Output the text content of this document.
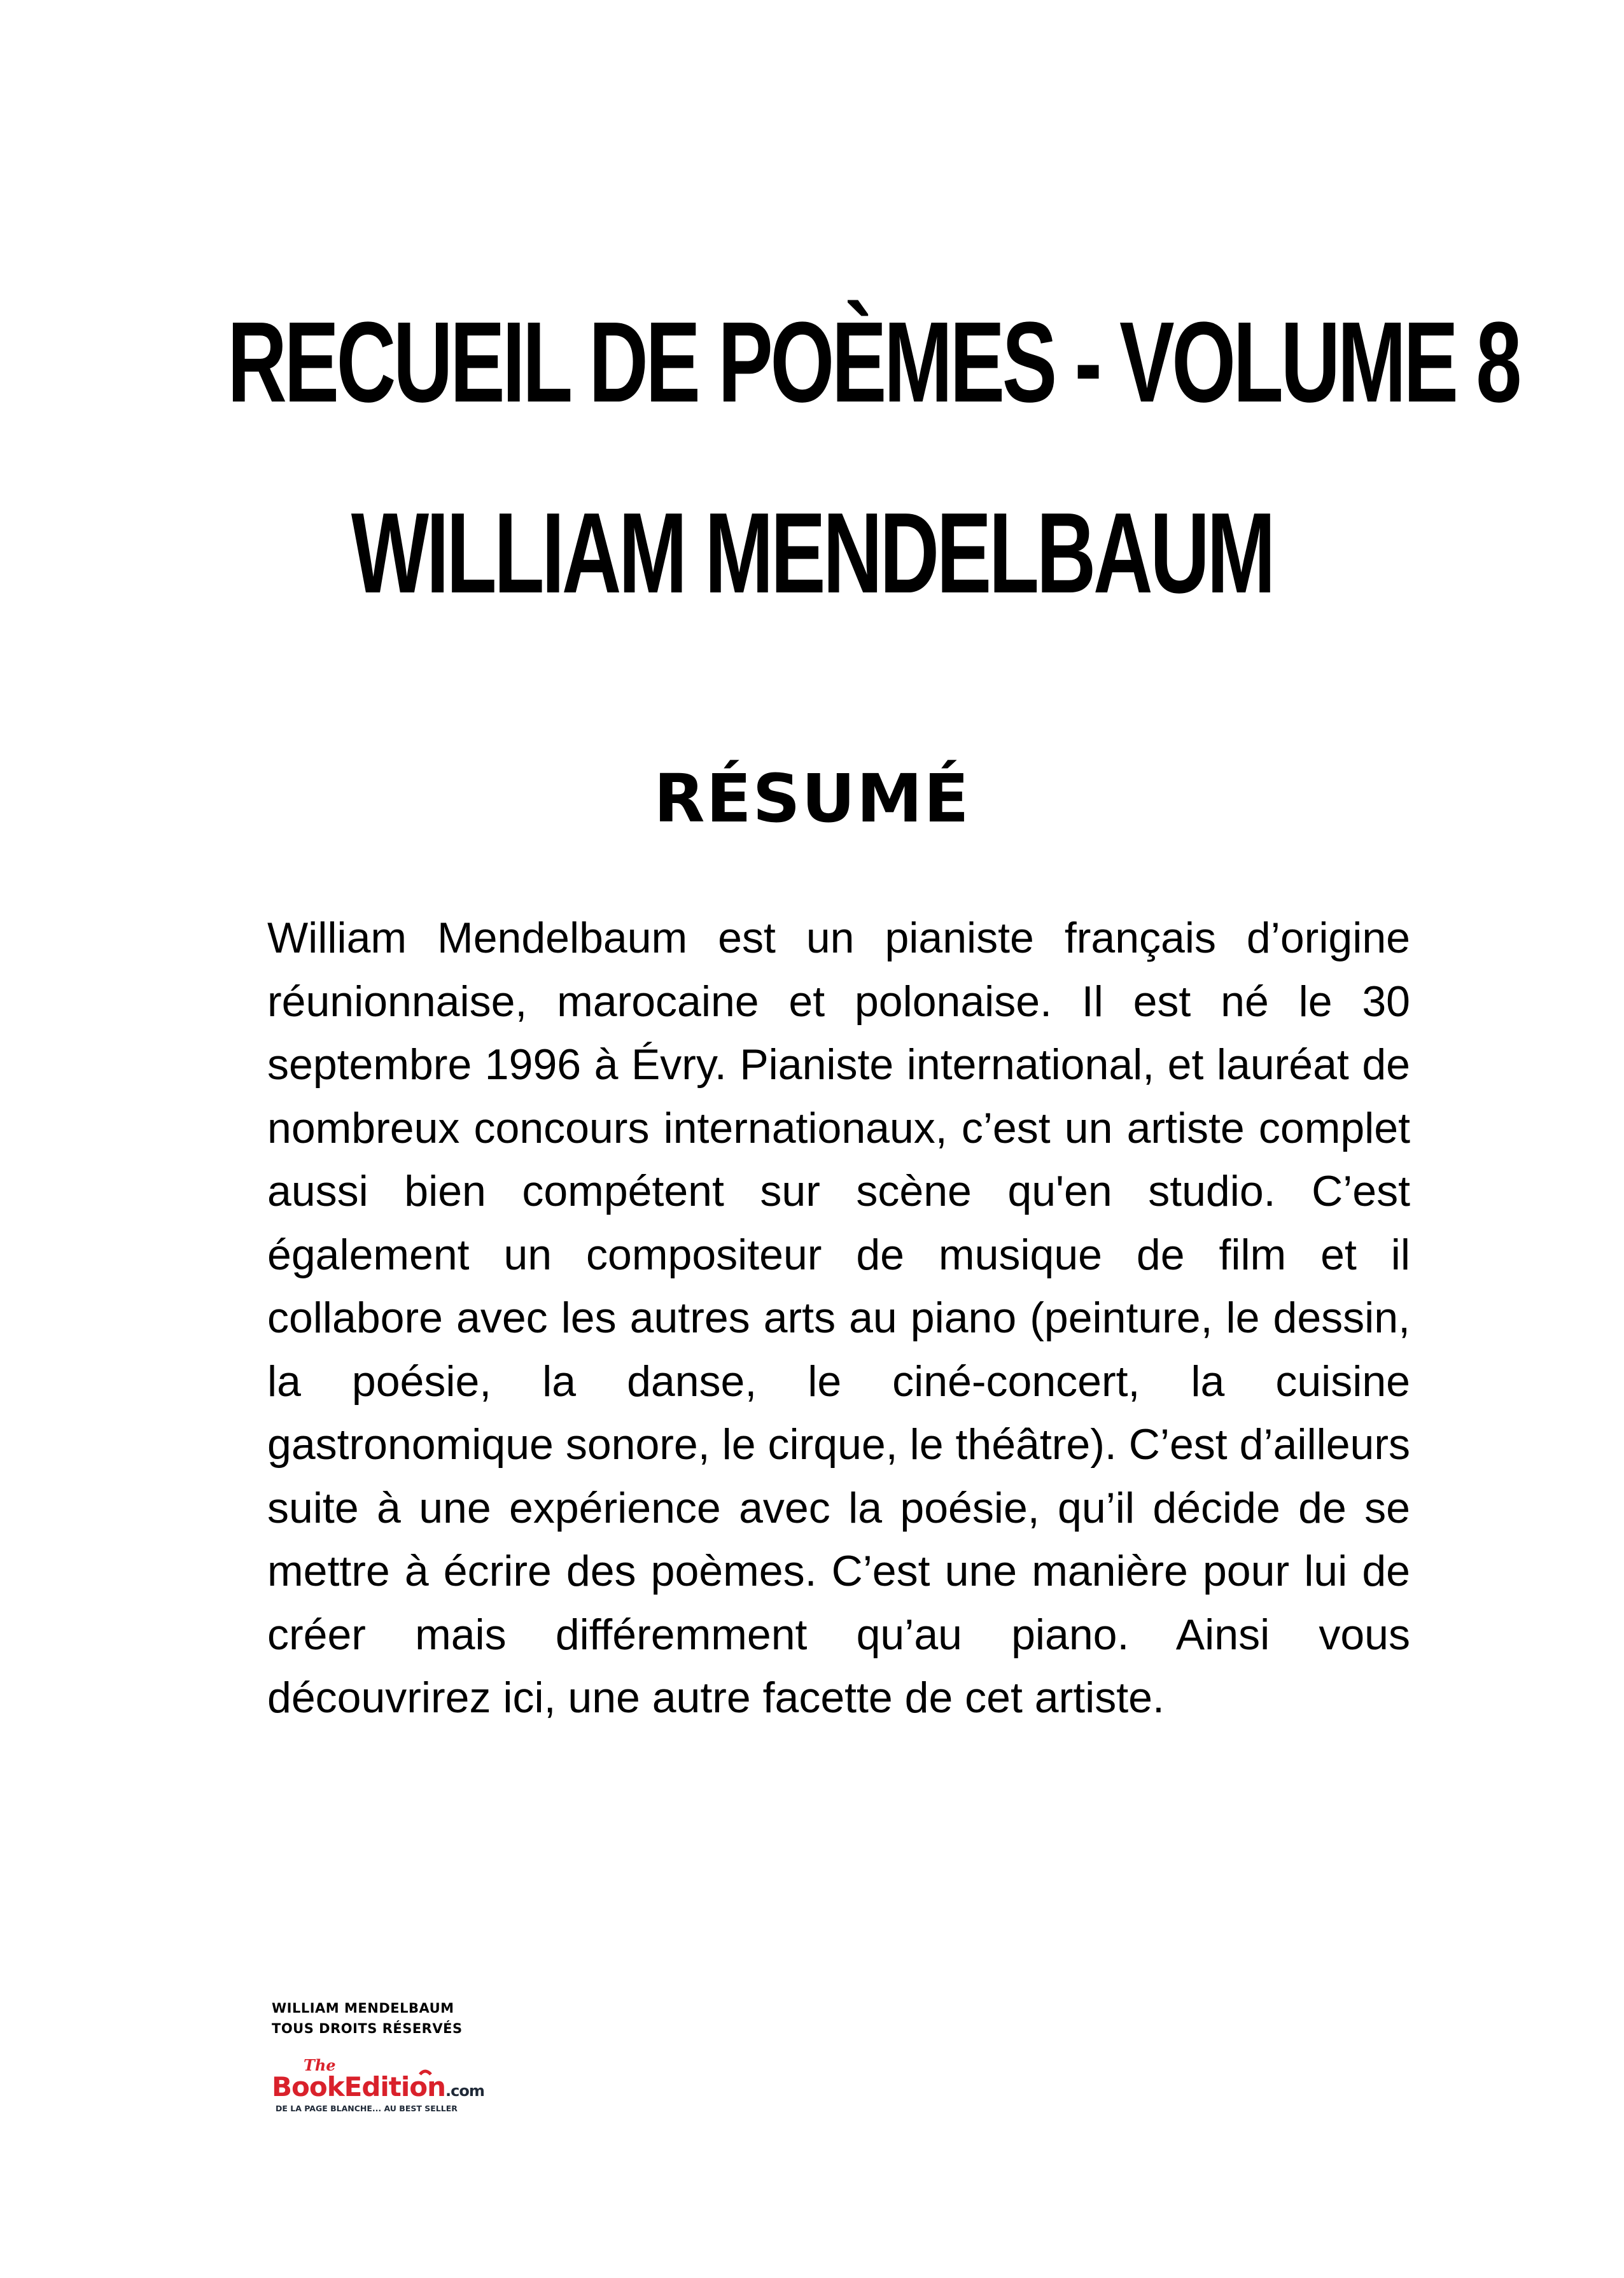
RECUEIL DE POÈMES - VOLUME 8
WILLIAM MENDELBAUM
RÉSUMÉ

William Mendelbaum est un pianiste français d’origine réunionnaise, marocaine et polonaise. Il est né le 30 septembre 1996 à Évry. Pianiste international, et lauréat de nombreux concours internationaux, c’est un artiste complet aussi bien compétent sur scène qu'en studio. C’est également un compositeur de musique de film et il collabore avec les autres arts au piano (peinture, le dessin, la poésie, la danse, le ciné-concert, la cuisine gastronomique sonore, le cirque, le théâtre). C’est d’ailleurs suite à une expérience avec la poésie, qu’il décide de se mettre à écrire des poèmes. C’est une manière pour lui de créer mais différemment qu’au piano. Ainsi vous découvrirez ici, une autre facette de cet artiste.

WILLIAM MENDELBAUM
TOUS DROITS RÉSERVÉS
The
BookEdition.com
DE LA PAGE BLANCHE... AU BEST SELLER
